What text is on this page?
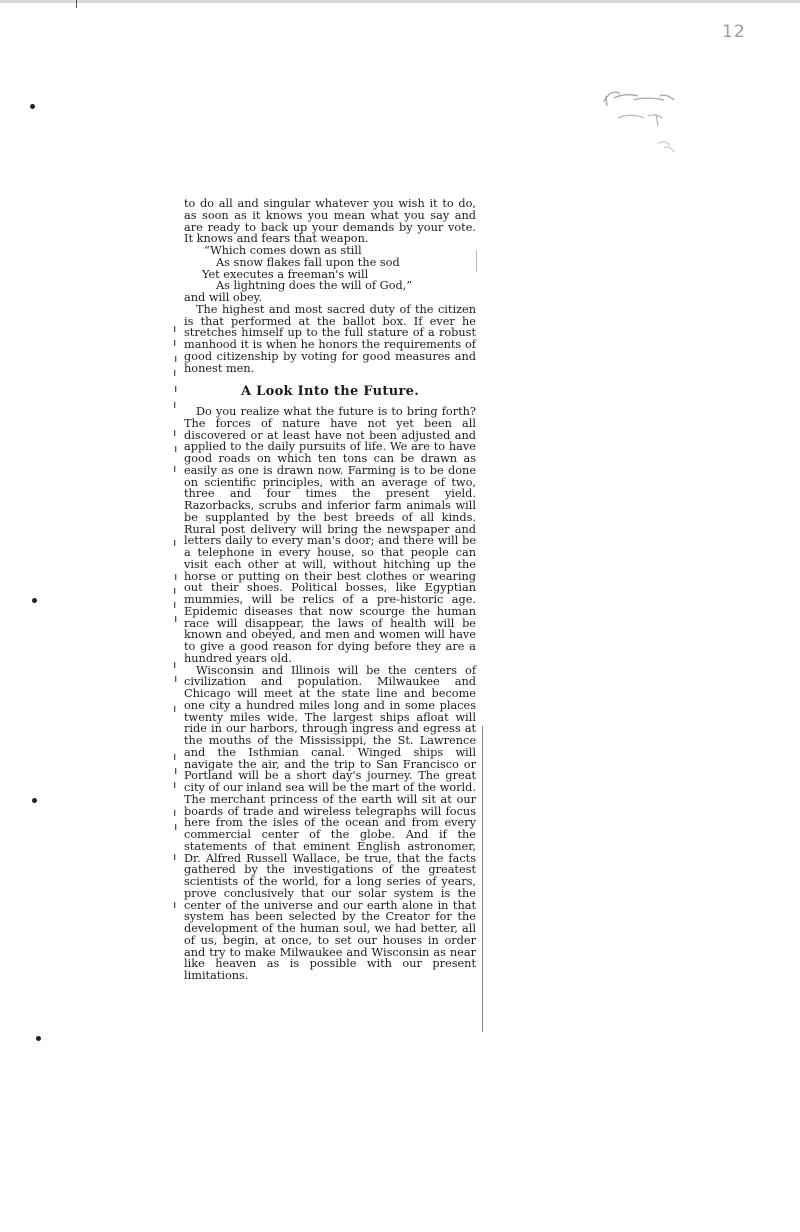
12

to do all and singular whatever you wish it to do, as soon as it knows you mean what you say and are ready to back up your demands by your vote. It knows and fears that weapon.

“Which comes down as still
As snow flakes fall upon the sod
Yet executes a freeman's will
As lightning does the will of God,”
and will obey.

The highest and most sacred duty of the citizen is that performed at the ballot box. If ever he stretches himself up to the full stature of a robust manhood it is when he honors the requirements of good citizenship by voting for good measures and honest men.

A Look Into the Future.

Do you realize what the future is to bring forth? The forces of nature have not yet been all discovered or at least have not been adjusted and applied to the daily pursuits of life. We are to have good roads on which ten tons can be drawn as easily as one is drawn now. Farming is to be done on scientific principles, with an average of two, three and four times the present yield. Razorbacks, scrubs and inferior farm animals will be supplanted by the best breeds of all kinds. Rural post delivery will bring the newspaper and letters daily to every man's door; and there will be a telephone in every house, so that people can visit each other at will, without hitching up the horse or putting on their best clothes or wearing out their shoes. Political bosses, like Egyptian mummies, will be relics of a pre-historic age. Epidemic diseases that now scourge the human race will disappear, the laws of health will be known and obeyed, and men and women will have to give a good reason for dying before they are a hundred years old.

Wisconsin and Illinois will be the centers of civilization and population. Milwaukee and Chicago will meet at the state line and become one city a hundred miles long and in some places twenty miles wide. The largest ships afloat will ride in our harbors, through ingress and egress at the mouths of the Mississippi, the St. Lawrence and the Isthmian canal. Winged ships will navigate the air, and the trip to San Francisco or Portland will be a short day's journey. The great city of our inland sea will be the mart of the world. The merchant princess of the earth will sit at our boards of trade and wireless telegraphs will focus here from the isles of the ocean and from every commercial center of the globe. And if the statements of that eminent English astronomer, Dr. Alfred Russell Wallace, be true, that the facts gathered by the investigations of the greatest scientists of the world, for a long series of years, prove conclusively that our solar system is the center of the universe and our earth alone in that system has been selected by the Creator for the development of the human soul, we had better, all of us, begin, at once, to set our houses in order and try to make Milwaukee and Wisconsin as near like heaven as is possible with our present limitations.
